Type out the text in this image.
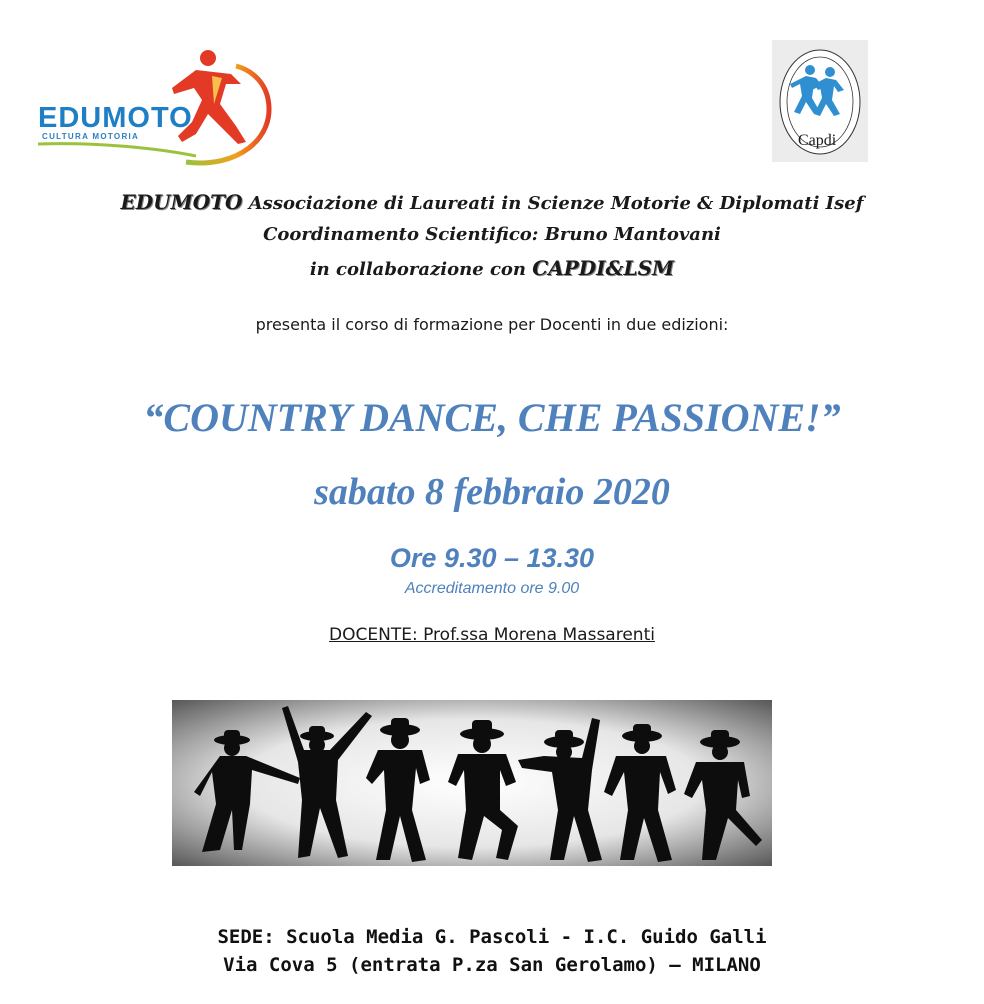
EDUMOTO
CULTURA MOTORIA	Capdi
EDUMOTO Associazione di Laureati in Scienze Motorie & Diplomati Isef
Coordinamento Scientifico: Bruno Mantovani
in collaborazione con CAPDI&LSM
presenta il corso di formazione per Docenti in due edizioni:
“COUNTRY DANCE, CHE PASSIONE!”
sabato 8 febbraio 2020
Ore 9.30 – 13.30
Accreditamento ore 9.00
DOCENTE: Prof.ssa Morena Massarenti
SEDE: Scuola Media G. Pascoli - I.C. Guido Galli
Via Cova 5 (entrata P.za San Gerolamo) – MILANO
